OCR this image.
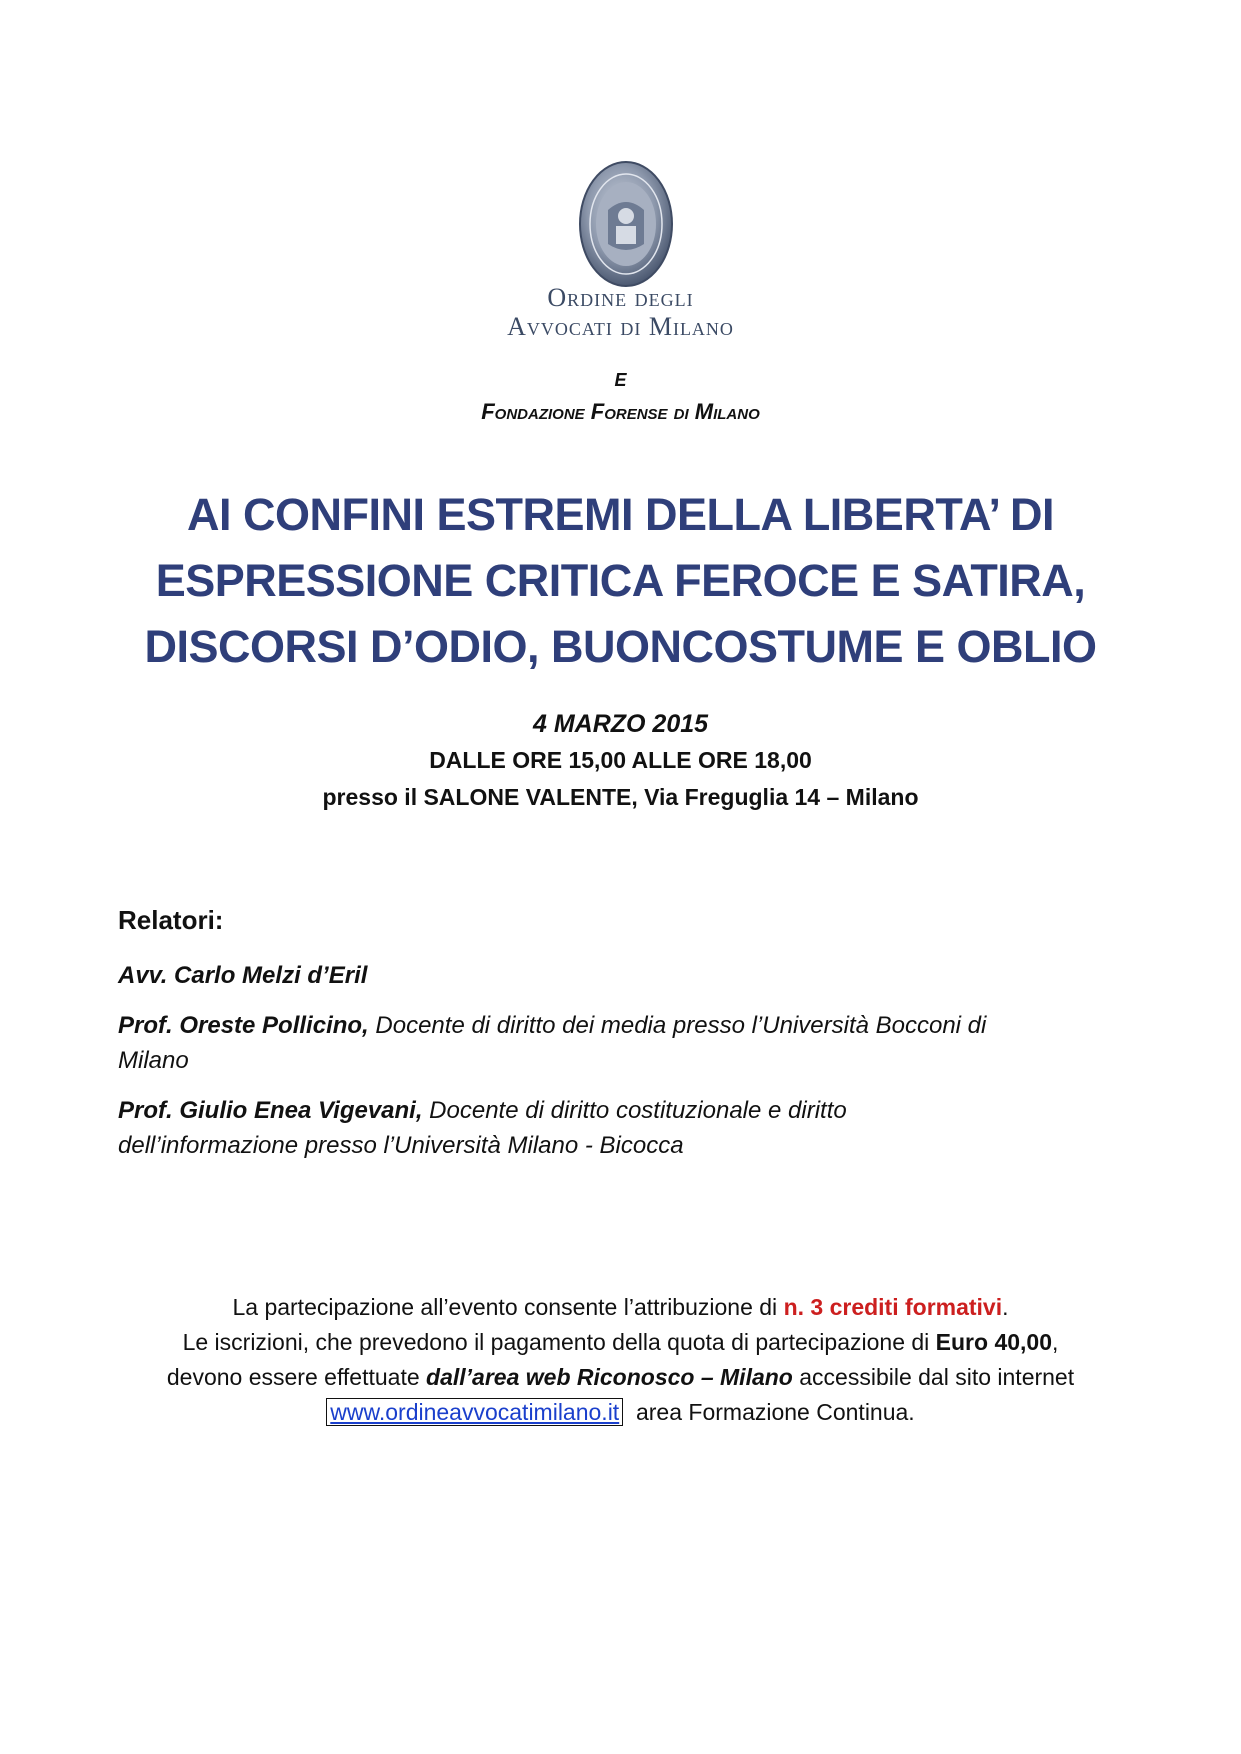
Ordine degli
Avvocati di Milano
E
Fondazione Forense di Milano
AI CONFINI ESTREMI DELLA LIBERTA’ DI
ESPRESSIONE CRITICA FEROCE E SATIRA,
DISCORSI D’ODIO, BUONCOSTUME E OBLIO
4 MARZO 2015
DALLE ORE 15,00 ALLE ORE 18,00
presso il SALONE VALENTE, Via Freguglia 14 – Milano
Relatori:
Avv. Carlo Melzi d’Eril
Prof. Oreste Pollicino, Docente di diritto dei media presso l’Università Bocconi di
Milano
Prof. Giulio Enea Vigevani, Docente di diritto costituzionale e diritto
dell’informazione presso l’Università Milano - Bicocca
La partecipazione all’evento consente l’attribuzione di n. 3 crediti formativi.
Le iscrizioni, che prevedono il pagamento della quota di partecipazione di Euro 40,00,
devono essere effettuate dall’area web Riconosco – Milano accessibile dal sito internet
www.ordineavvocatimilano.it  area Formazione Continua.
